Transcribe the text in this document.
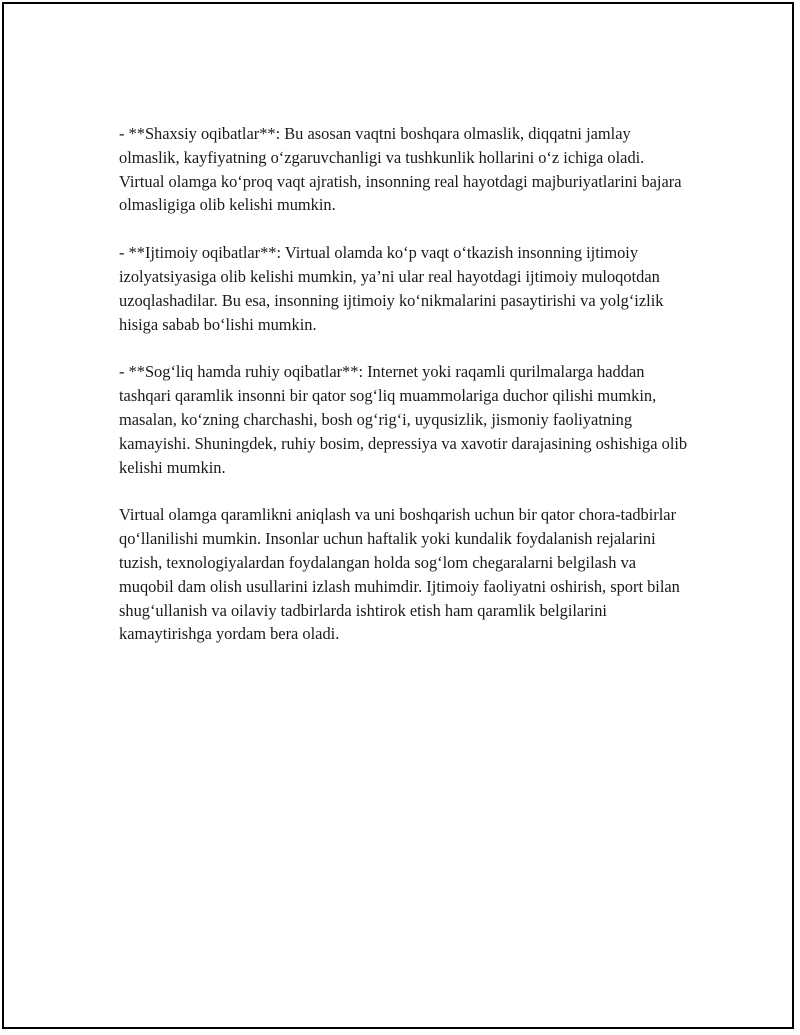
- **Shaxsiy oqibatlar**: Bu asosan vaqtni boshqara olmaslik, diqqatni jamlay olmaslik, kayfiyatning o‘zgaruvchanligi va tushkunlik hollarini o‘z ichiga oladi. Virtual olamga ko‘proq vaqt ajratish, insonning real hayotdagi majburiyatlarini bajara olmasligiga olib kelishi mumkin.

- **Ijtimoiy oqibatlar**: Virtual olamda ko‘p vaqt o‘tkazish insonning ijtimoiy izolyatsiyasiga olib kelishi mumkin, ya’ni ular real hayotdagi ijtimoiy muloqotdan uzoqlashadilar. Bu esa, insonning ijtimoiy ko‘nikmalarini pasaytirishi va yolg‘izlik hisiga sabab bo‘lishi mumkin.

- **Sog‘liq hamda ruhiy oqibatlar**: Internet yoki raqamli qurilmalarga haddan tashqari qaramlik insonni bir qator sog‘liq muammolariga duchor qilishi mumkin, masalan, ko‘zning charchashi, bosh og‘rig‘i, uyqusizlik, jismoniy faoliyatning kamayishi. Shuningdek, ruhiy bosim, depressiya va xavotir darajasining oshishiga olib kelishi mumkin.

Virtual olamga qaramlikni aniqlash va uni boshqarish uchun bir qator chora-tadbirlar qo‘llanilishi mumkin. Insonlar uchun haftalik yoki kundalik foydalanish rejalarini tuzish, texnologiyalardan foydalangan holda sog‘lom chegaralarni belgilash va muqobil dam olish usullarini izlash muhimdir. Ijtimoiy faoliyatni oshirish, sport bilan shug‘ullanish va oilaviy tadbirlarda ishtirok etish ham qaramlik belgilarini kamaytirishga yordam bera oladi.
